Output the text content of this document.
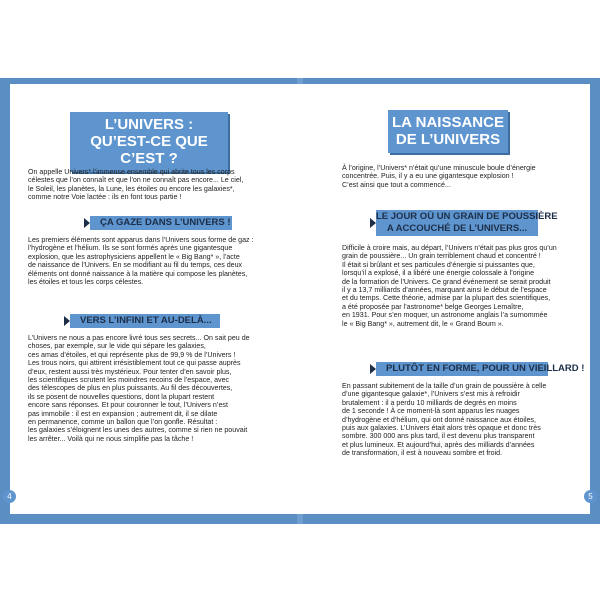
L’UNIVERS :
QU’EST-CE QUE C’EST ?

On appelle Univers* l’immense ensemble qui abrite tous les corps

célestes que l’on connaît et que l’on ne connaît pas encore... Le ciel,

le Soleil, les planètes, la Lune, les étoiles ou encore les galaxies*,

comme notre Voie lactée : ils en font tous partie !

ÇA GAZE DANS L’UNIVERS !

Les premiers éléments sont apparus dans l’Univers sous forme de gaz :

l’hydrogène et l’hélium. Ils se sont formés après une gigantesque

explosion, que les astrophysiciens appellent le « Big Bang* », l’acte

de naissance de l’Univers. En se modifiant au fil du temps, ces deux

éléments ont donné naissance à la matière qui compose les planètes,

les étoiles et tous les corps célestes.

VERS L’INFINI ET AU-DELÀ...

L’Univers ne nous a pas encore livré tous ses secrets... On sait peu de

choses, par exemple, sur le vide qui sépare les galaxies,

ces amas d’étoiles, et qui représente plus de 99,9 % de l’Univers !

Les trous noirs, qui attirent irrésistiblement tout ce qui passe auprès

d’eux, restent aussi très mystérieux. Pour tenter d’en savoir plus,

les scientifiques scrutent les moindres recoins de l’espace, avec

des télescopes de plus en plus puissants. Au fil des découvertes,

ils se posent de nouvelles questions, dont la plupart restent

encore sans réponses. Et pour couronner le tout, l’Univers n’est

pas immobile : il est en expansion ; autrement dit, il se dilate

en permanence, comme un ballon que l’on gonfle. Résultat :

les galaxies s’éloignent les unes des autres, comme si rien ne pouvait

les arrêter... Voilà qui ne nous simplifie pas la tâche !

LA NAISSANCE
DE L’UNIVERS

À l’origine, l’Univers* n’était qu’une minuscule boule d’énergie

concentrée. Puis, il y a eu une gigantesque explosion !

C’est ainsi que tout a commencé...

LE JOUR OÙ UN GRAIN DE POUSSIÈRE
A ACCOUCHÉ DE L’UNIVERS...

Difficile à croire mais, au départ, l’Univers n’était pas plus gros qu’un

grain de poussière... Un grain terriblement chaud et concentré !

Il était si brûlant et ses particules d’énergie si puissantes que,

lorsqu’il a explosé, il a libéré une énergie colossale à l’origine

de la formation de l’Univers. Ce grand événement se serait produit

il y a 13,7 milliards d’années, marquant ainsi le début de l’espace

et du temps. Cette théorie, admise par la plupart des scientifiques,

a été proposée par l’astronome* belge Georges Lemaître,

en 1931. Pour s’en moquer, un astronome anglais l’a surnommée

le « Big Bang* », autrement dit, le « Grand Boum ».

PLUTÔT EN FORME, POUR UN VIEILLARD !

En passant subitement de la taille d’un grain de poussière à celle

d’une gigantesque galaxie*, l’Univers s’est mis à refroidir

brutalement : il a perdu 10 milliards de degrés en moins

de 1 seconde ! À ce moment-là sont apparus les nuages

d’hydrogène et d’hélium, qui ont donné naissance aux étoiles,

puis aux galaxies. L’Univers était alors très opaque et donc très

sombre. 300 000 ans plus tard, il est devenu plus transparent

et plus lumineux. Et aujourd’hui, après des milliards d’années

de transformation, il est à nouveau sombre et froid.

4	5
